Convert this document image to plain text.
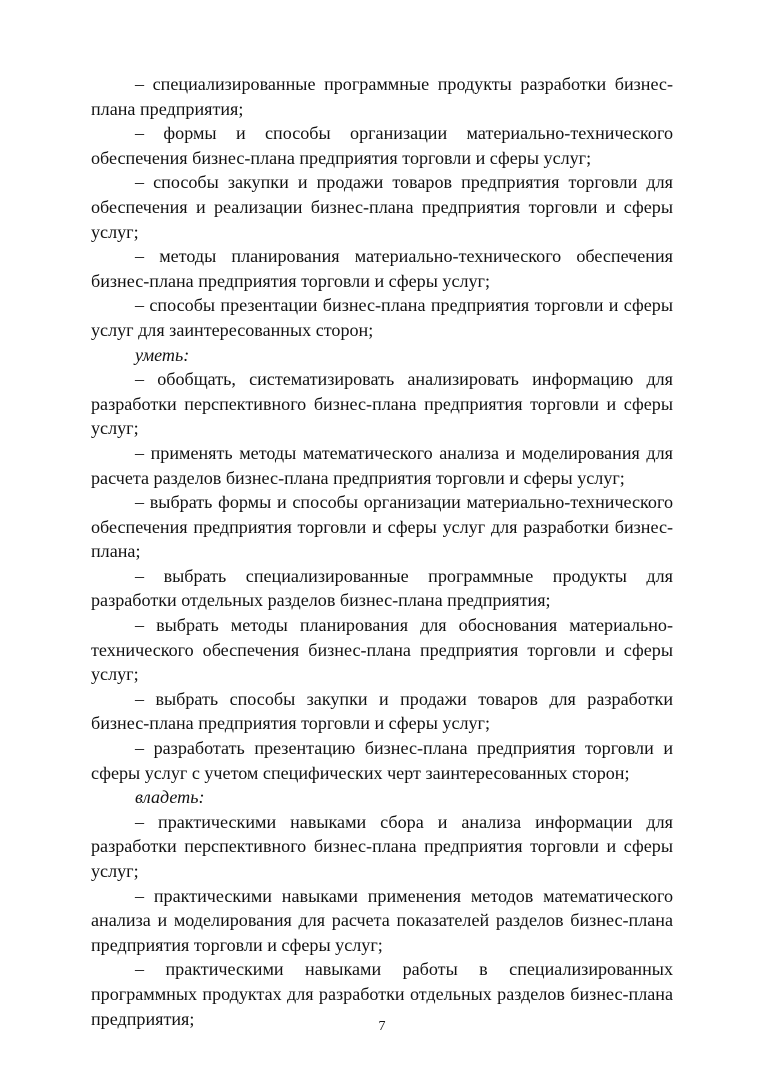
– специализированные программные продукты разработки бизнес-плана предприятия;

– формы и способы организации материально-технического обеспечения бизнес-плана предприятия торговли и сферы услуг;

– способы закупки и продажи товаров предприятия торговли для обеспечения и реализации бизнес-плана предприятия торговли и сферы услуг;

– методы планирования материально-технического обеспечения бизнес-плана предприятия торговли и сферы услуг;

– способы презентации бизнес-плана предприятия торговли и сферы услуг для заинтересованных сторон;

уметь:

– обобщать, систематизировать анализировать информацию для разработки перспективного бизнес-плана предприятия торговли и сферы услуг;

– применять методы математического анализа и моделирования для расчета разделов бизнес-плана предприятия торговли и сферы услуг;

– выбрать формы и способы организации материально-технического обеспечения предприятия торговли и сферы услуг для разработки бизнес-плана;

– выбрать специализированные программные продукты для разработки отдельных разделов бизнес-плана предприятия;

– выбрать методы планирования для обоснования материально-технического обеспечения бизнес-плана предприятия торговли и сферы услуг;

– выбрать способы закупки и продажи товаров для разработки бизнес-плана предприятия торговли и сферы услуг;

– разработать презентацию бизнес-плана предприятия торговли и сферы услуг с учетом специфических черт заинтересованных сторон;

владеть:

– практическими навыками сбора и анализа информации для разработки перспективного бизнес-плана предприятия торговли и сферы услуг;

– практическими навыками применения методов математического анализа и моделирования для расчета показателей разделов бизнес-плана предприятия торговли и сферы услуг;

– практическими навыками работы в специализированных программных продуктах для разработки отдельных разделов бизнес-плана предприятия;	7
